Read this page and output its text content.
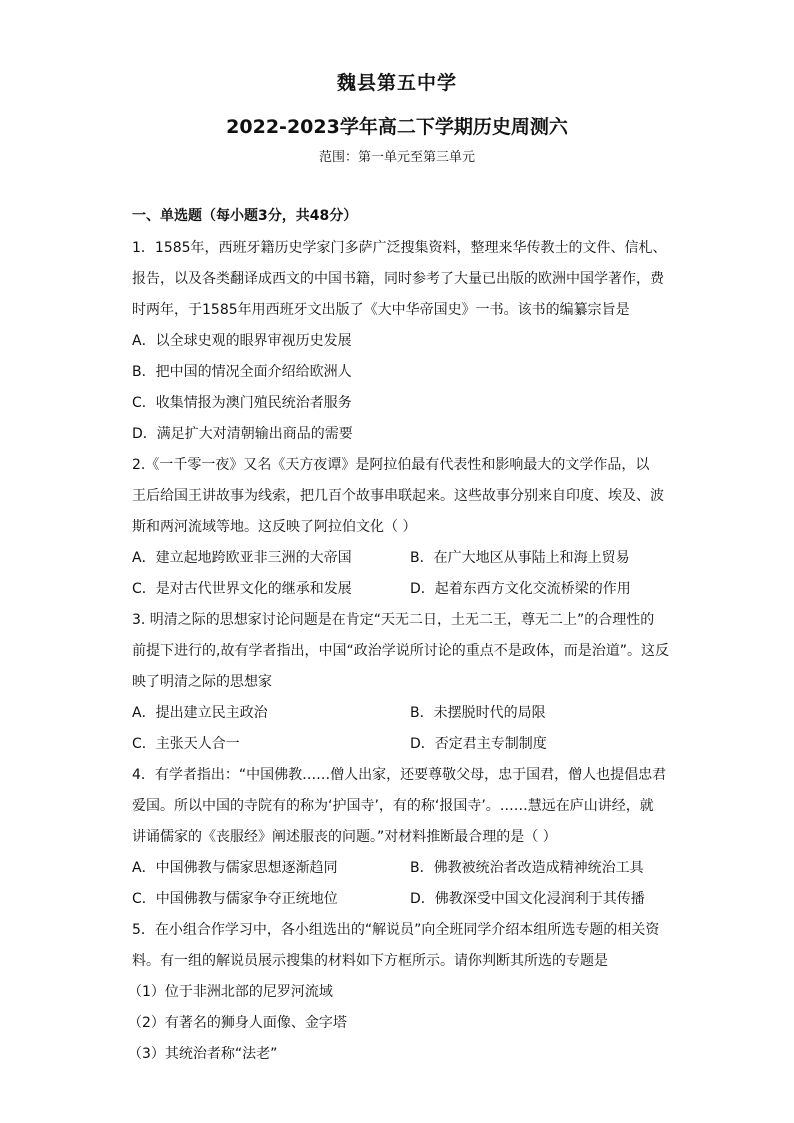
魏县第五中学
2022-2023学年高二下学期历史周测六
范围：第一单元至第三单元
一、单选题（每小题3分，共48分）
1．1585年，西班牙籍历史学家门多萨广泛搜集资料，整理来华传教士的文件、信札、
报告，以及各类翻译成西文的中国书籍，同时参考了大量已出版的欧洲中国学著作，费
时两年，于1585年用西班牙文出版了《大中华帝国史》一书。该书的编纂宗旨是
A．以全球史观的眼界审视历史发展
B．把中国的情况全面介绍给欧洲人
C．收集情报为澳门殖民统治者服务
D．满足扩大对清朝输出商品的需要
2.《一千零一夜》又名《天方夜谭》是阿拉伯最有代表性和影响最大的文学作品，以
王后给国王讲故事为线索，把几百个故事串联起来。这些故事分别来自印度、埃及、波
斯和两河流域等地。这反映了阿拉伯文化（ ）
A．建立起地跨欧亚非三洲的大帝国	B．在广大地区从事陆上和海上贸易
C．是对古代世界文化的继承和发展	D．起着东西方文化交流桥梁的作用
3. 明清之际的思想家讨论问题是在肯定“天无二日，土无二王，尊无二上”的合理性的
前提下进行的,故有学者指出，中国“政治学说所讨论的重点不是政体，而是治道”。这反
映了明清之际的思想家
A．提出建立民主政治	B．未摆脱时代的局限
C．主张天人合一	D．否定君主专制制度
4．有学者指出：“中国佛教……僧人出家，还要尊敬父母，忠于国君，僧人也提倡忠君
爱国。所以中国的寺院有的称为‘护国寺’，有的称‘报国寺’。……慧远在庐山讲经，就
讲诵儒家的《丧服经》阐述服丧的问题。”对材料推断最合理的是（ ）
A．中国佛教与儒家思想逐渐趋同	B．佛教被统治者改造成精神统治工具
C．中国佛教与儒家争夺正统地位	D．佛教深受中国文化浸润利于其传播
5．在小组合作学习中，各小组选出的“解说员”向全班同学介绍本组所选专题的相关资
料。有一组的解说员展示搜集的材料如下方框所示。请你判断其所选的专题是
（1）位于非洲北部的尼罗河流域
（2）有著名的狮身人面像、金字塔
（3）其统治者称“法老”
